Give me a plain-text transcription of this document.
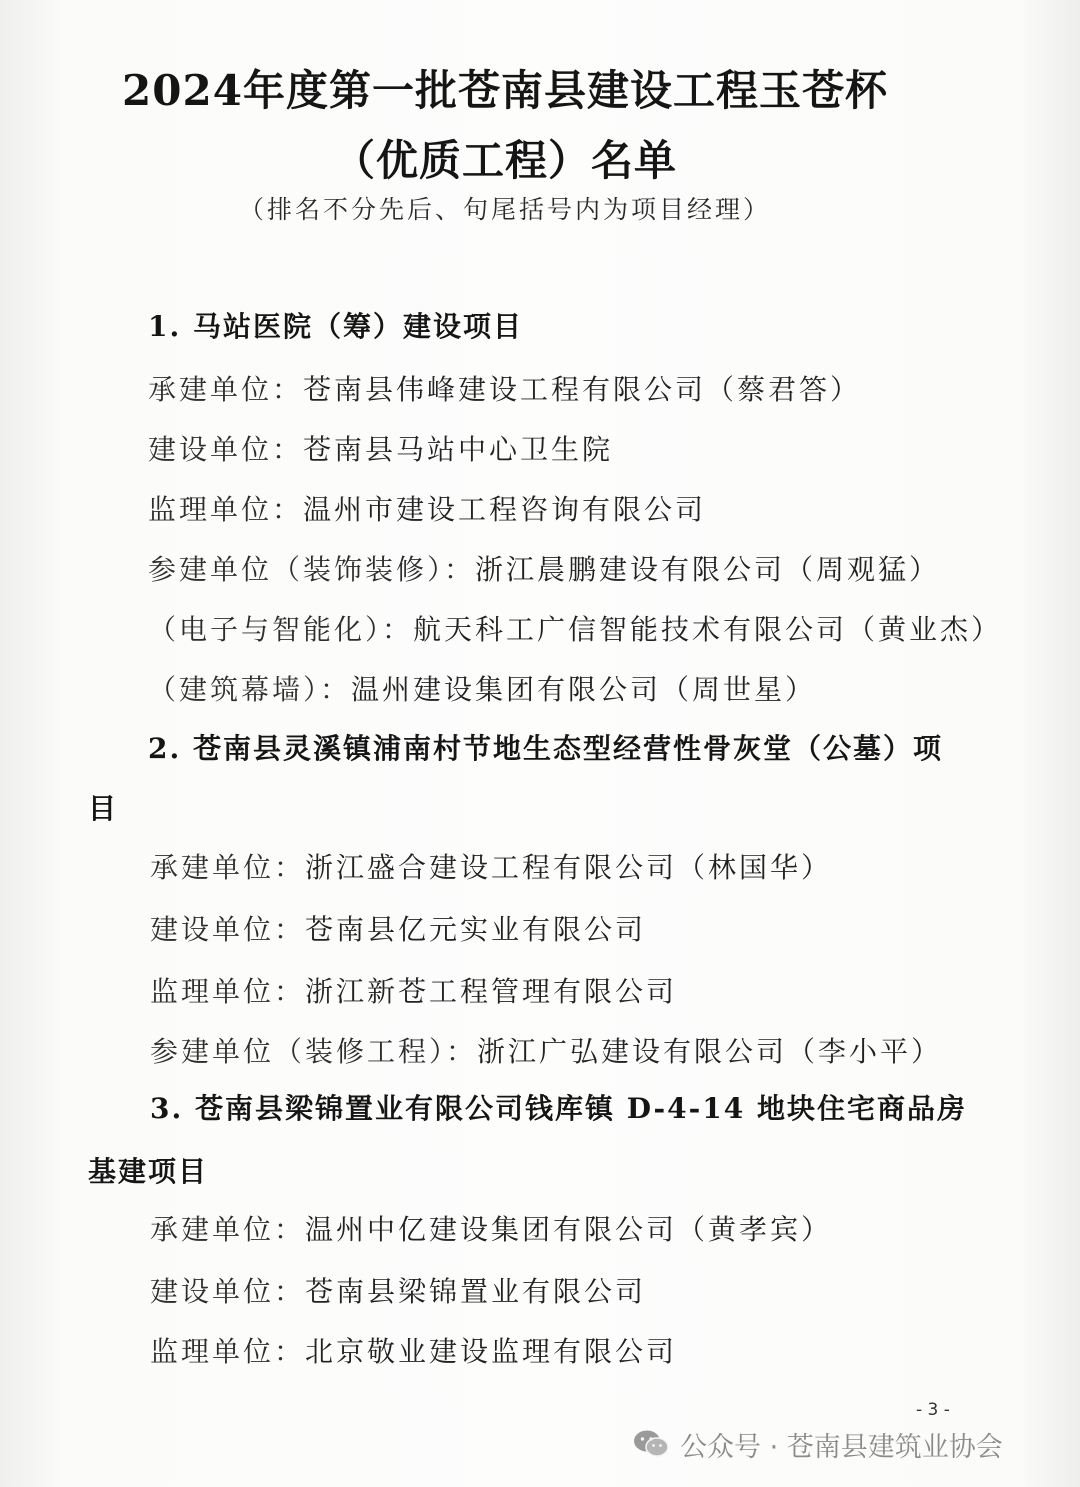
2024年度第一批苍南县建设工程玉苍杯
（优质工程）名单
（排名不分先后、句尾括号内为项目经理）
1. 马站医院（筹）建设项目
承建单位：苍南县伟峰建设工程有限公司（蔡君答）
建设单位：苍南县马站中心卫生院
监理单位：温州市建设工程咨询有限公司
参建单位（装饰装修）：浙江晨鹏建设有限公司（周观猛）
（电子与智能化）：航天科工广信智能技术有限公司（黄业杰）
（建筑幕墙）：温州建设集团有限公司（周世星）
2. 苍南县灵溪镇浦南村节地生态型经营性骨灰堂（公墓）项
目
承建单位：浙江盛合建设工程有限公司（林国华）
建设单位：苍南县亿元实业有限公司
监理单位：浙江新苍工程管理有限公司
参建单位（装修工程）：浙江广弘建设有限公司（李小平）
3. 苍南县梁锦置业有限公司钱库镇 D-4-14 地块住宅商品房
基建项目
承建单位：温州中亿建设集团有限公司（黄孝宾）
建设单位：苍南县梁锦置业有限公司
监理单位：北京敬业建设监理有限公司
- 3 -
公众号 · 苍南县建筑业协会
